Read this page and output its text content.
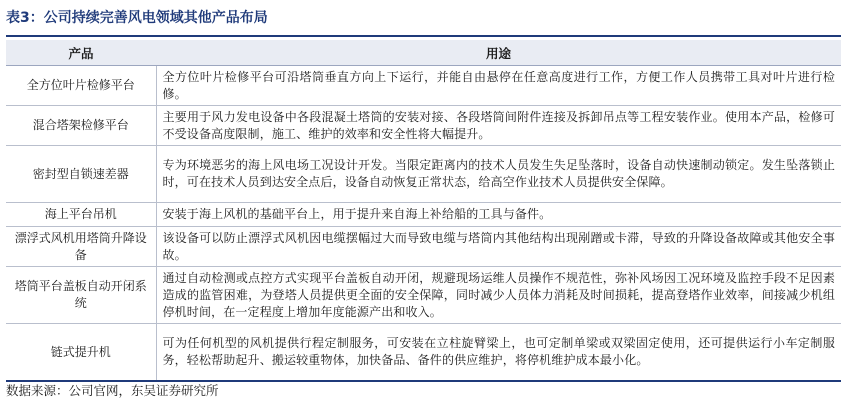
表3：公司持续完善风电领域其他产品布局
产品	用途
全方位叶片检修平台	全方位叶片检修平台可沿塔筒垂直方向上下运行，并能自由悬停在任意高度进行工作，方便工作人员携带工具对叶片进行检修。
混合塔架检修平台	主要用于风力发电设备中各段混凝土塔筒的安装对接、各段塔筒间附件连接及拆卸吊点等工程安装作业。使用本产品，检修可不受设备高度限制，施工、维护的效率和安全性将大幅提升。
密封型自锁速差器	专为环境恶劣的海上风电场工况设计开发。当限定距离内的技术人员发生失足坠落时，设备自动快速制动锁定。发生坠落锁止时，可在技术人员到达安全点后，设备自动恢复正常状态，给高空作业技术人员提供安全保障。
海上平台吊机	安装于海上风机的基础平台上，用于提升来自海上补给船的工具与备件。
漂浮式风机用塔筒升降设备	该设备可以防止漂浮式风机因电缆摆幅过大而导致电缆与塔筒内其他结构出现剐蹭或卡滞，导致的升降设备故障或其他安全事故。
塔筒平台盖板自动开闭系统	通过自动检测或点控方式实现平台盖板自动开闭，规避现场运维人员操作不规范性，弥补风场因工况环境及监控手段不足因素造成的监管困难，为登塔人员提供更全面的安全保障，同时减少人员体力消耗及时间损耗，提高登塔作业效率，间接减少机组停机时间，在一定程度上增加年度能源产出和收入。
链式提升机	可为任何机型的风机提供行程定制服务，可安装在立柱旋臂梁上，也可定制单梁或双梁固定使用，还可提供运行小车定制服务，轻松帮助起升、搬运较重物体，加快备品、备件的供应维护，将停机维护成本最小化。
数据来源：公司官网，东吴证券研究所
